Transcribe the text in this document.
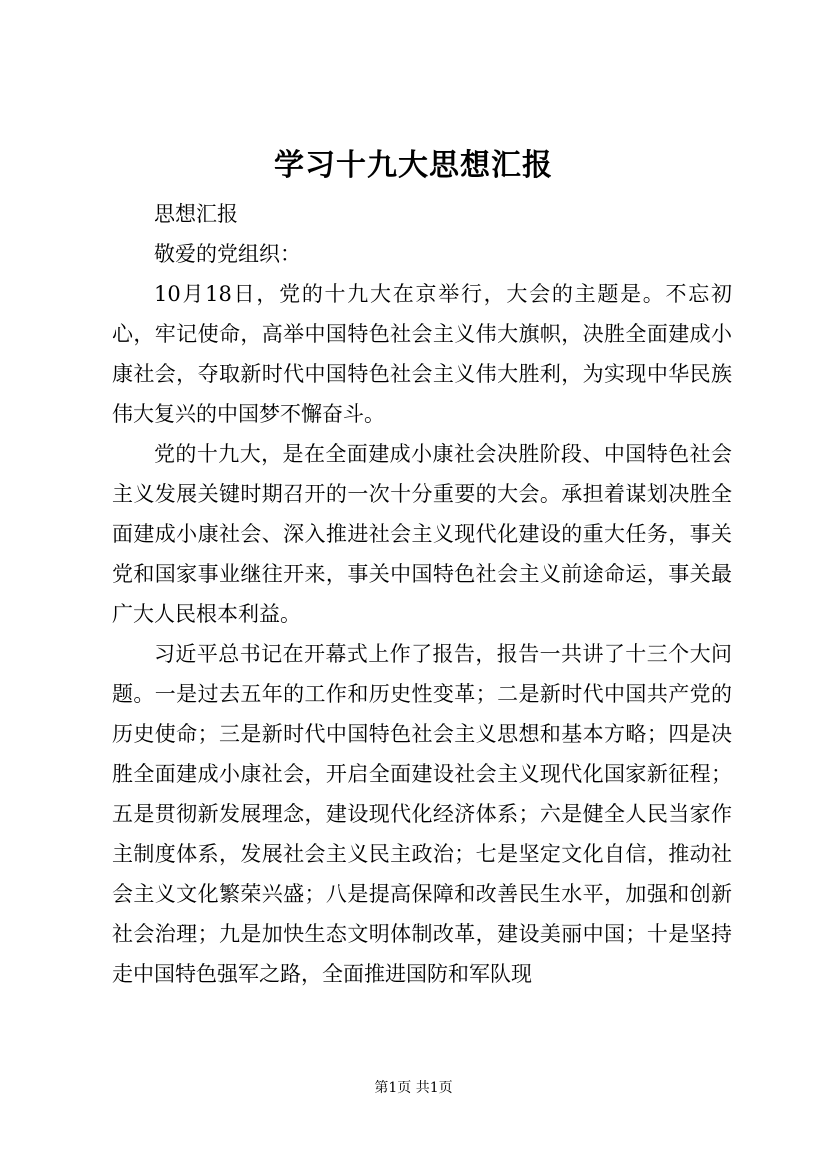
学习十九大思想汇报

思想汇报

敬爱的党组织：

10月18日，党的十九大在京举行，大会的主题是。不忘初心，牢记使命，高举中国特色社会主义伟大旗帜，决胜全面建成小康社会，夺取新时代中国特色社会主义伟大胜利，为实现中华民族伟大复兴的中国梦不懈奋斗。

党的十九大，是在全面建成小康社会决胜阶段、中国特色社会主义发展关键时期召开的一次十分重要的大会。承担着谋划决胜全面建成小康社会、深入推进社会主义现代化建设的重大任务，事关党和国家事业继往开来，事关中国特色社会主义前途命运，事关最广大人民根本利益。

习近平总书记在开幕式上作了报告，报告一共讲了十三个大问题。一是过去五年的工作和历史性变革；二是新时代中国共产党的历史使命；三是新时代中国特色社会主义思想和基本方略；四是决胜全面建成小康社会，开启全面建设社会主义现代化国家新征程；五是贯彻新发展理念，建设现代化经济体系；六是健全人民当家作主制度体系，发展社会主义民主政治；七是坚定文化自信，推动社会主义文化繁荣兴盛；八是提高保障和改善民生水平，加强和创新社会治理；九是加快生态文明体制改革，建设美丽中国；十是坚持走中国特色强军之路，全面推进国防和军队现

第1页 共1页
